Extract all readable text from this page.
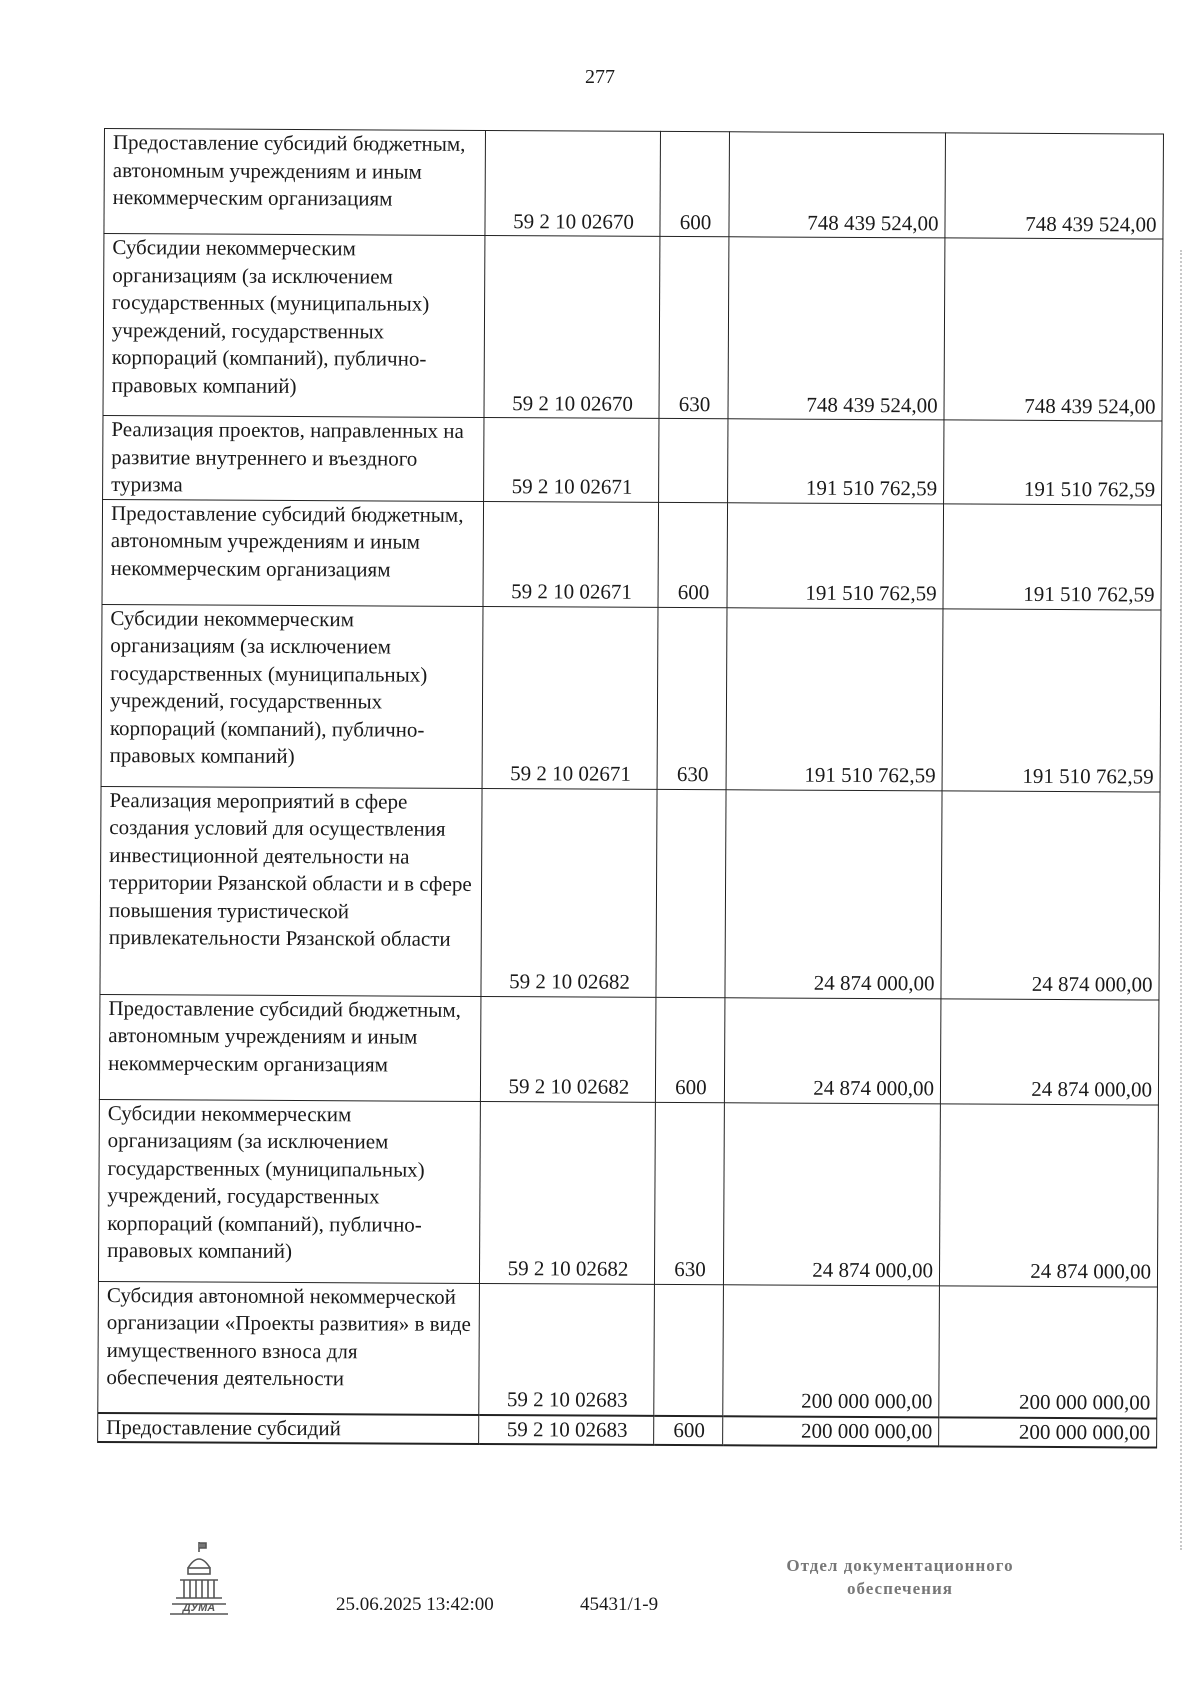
277
Предоставление субсидий бюджетным, автономным учреждениям и иным некоммерческим организациям	59 2 10 02670	600	748 439 524,00	748 439 524,00
Субсидии некоммерческим организациям (за исключением государственных (муниципальных) учреждений, государственных корпораций (компаний), публично-правовых компаний)	59 2 10 02670	630	748 439 524,00	748 439 524,00
Реализация проектов, направленных на развитие внутреннего и въездного туризма	59 2 10 02671		191 510 762,59	191 510 762,59
Предоставление субсидий бюджетным, автономным учреждениям и иным некоммерческим организациям	59 2 10 02671	600	191 510 762,59	191 510 762,59
Субсидии некоммерческим организациям (за исключением государственных (муниципальных) учреждений, государственных корпораций (компаний), публично-правовых компаний)	59 2 10 02671	630	191 510 762,59	191 510 762,59
Реализация мероприятий в сфере создания условий для осуществления инвестиционной деятельности на территории Рязанской области и в сфере повышения туристической привлекательности Рязанской области	59 2 10 02682		24 874 000,00	24 874 000,00
Предоставление субсидий бюджетным, автономным учреждениям и иным некоммерческим организациям	59 2 10 02682	600	24 874 000,00	24 874 000,00
Субсидии некоммерческим организациям (за исключением государственных (муниципальных) учреждений, государственных корпораций (компаний), публично-правовых компаний)	59 2 10 02682	630	24 874 000,00	24 874 000,00
Субсидия автономной некоммерческой организации «Проекты развития» в виде имущественного взноса для обеспечения деятельности	59 2 10 02683		200 000 000,00	200 000 000,00
Предоставление субсидий	59 2 10 02683	600	200 000 000,00	200 000 000,00
ДУМА	25.06.2025 13:42:00	45431/1-9
Отдел документационного
обеспечения
